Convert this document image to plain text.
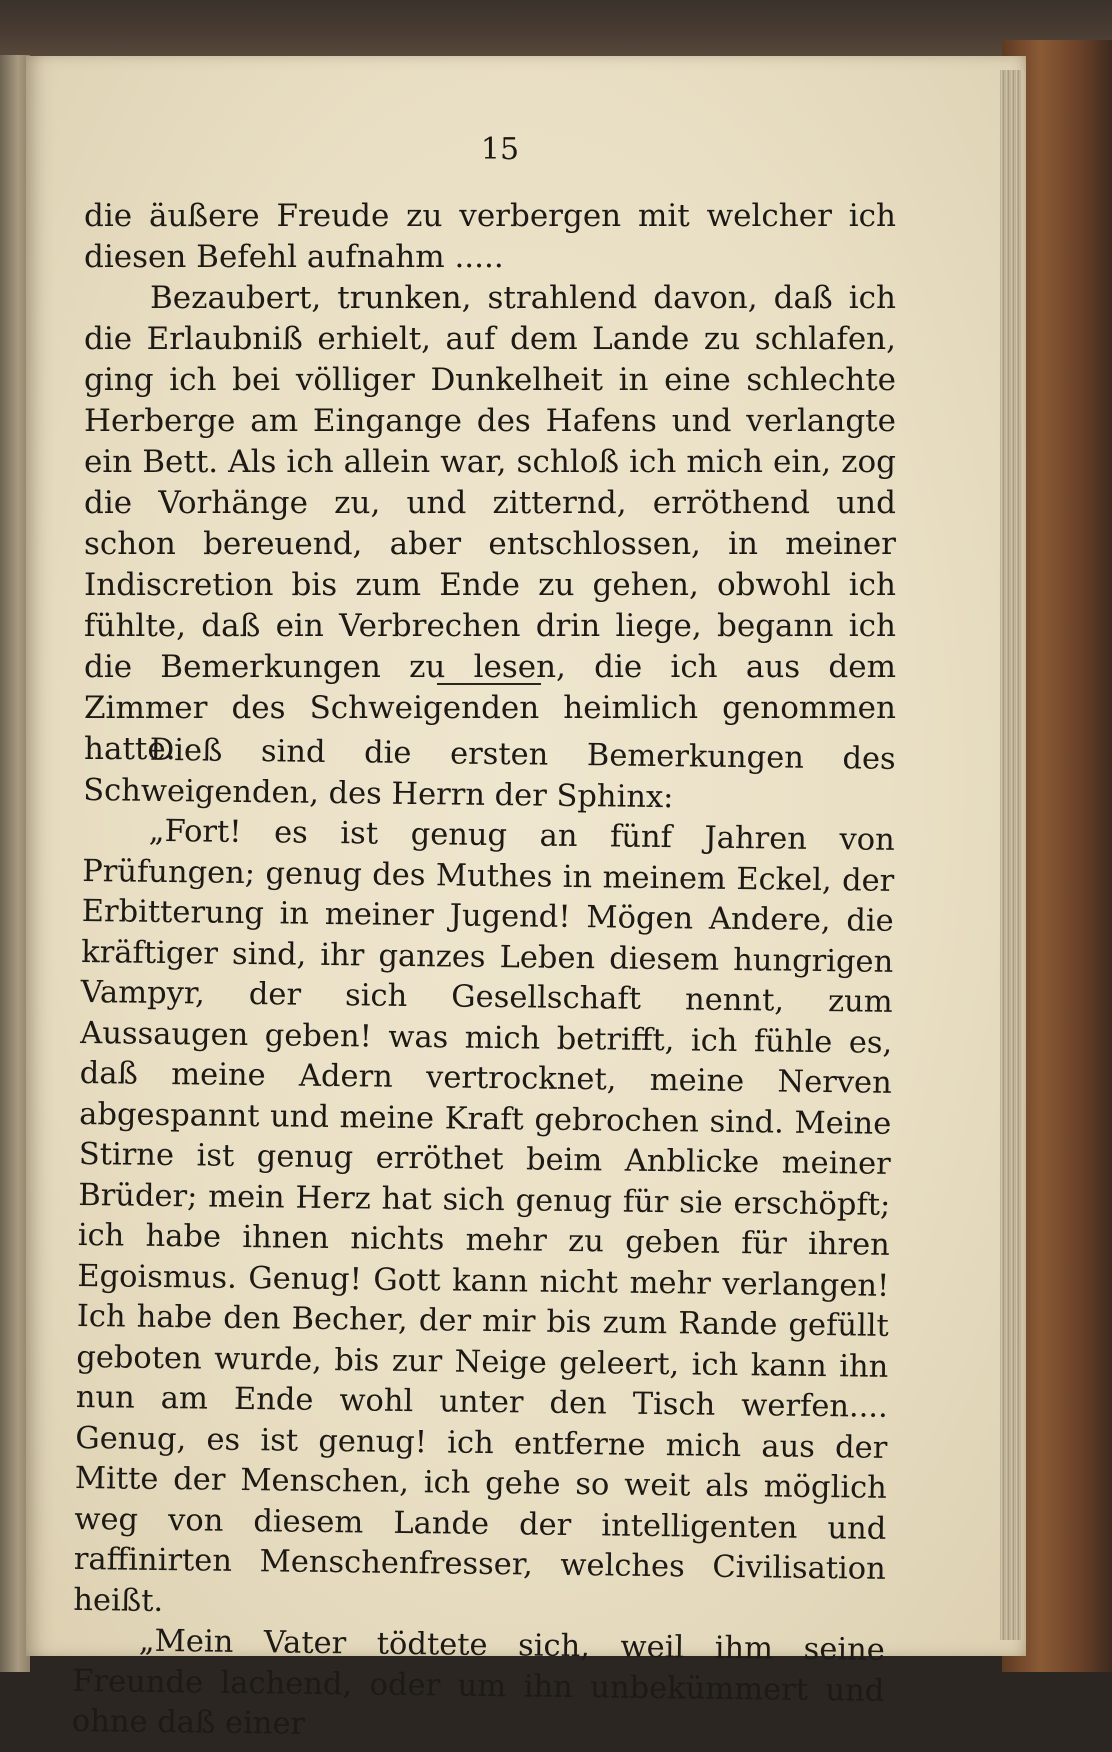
15

die äußere Freude zu verbergen mit welcher ich diesen Befehl aufnahm .....

Bezaubert, trunken, strahlend davon, daß ich die Erlaubniß erhielt, auf dem Lande zu schlafen, ging ich bei völliger Dunkelheit in eine schlechte Herberge am Eingange des Hafens und verlangte ein Bett. Als ich allein war, schloß ich mich ein, zog die Vorhänge zu, und zitternd, erröthend und schon bereuend, aber entschlossen, in meiner Indiscretion bis zum Ende zu gehen, obwohl ich fühlte, daß ein Verbrechen drin liege, begann ich die Bemerkungen zu lesen, die ich aus dem Zimmer des Schweigenden heimlich genommen hatte.

Dieß sind die ersten Bemerkungen des Schweigenden, des Herrn der Sphinx:

„Fort! es ist genug an fünf Jahren von Prüfungen; genug des Muthes in meinem Eckel, der Erbitterung in meiner Jugend! Mögen Andere, die kräftiger sind, ihr ganzes Leben diesem hungrigen Vampyr, der sich Gesellschaft nennt, zum Aussaugen geben! was mich betrifft, ich fühle es, daß meine Adern vertrocknet, meine Nerven abgespannt und meine Kraft gebrochen sind. Meine Stirne ist genug erröthet beim Anblicke meiner Brüder; mein Herz hat sich genug für sie erschöpft; ich habe ihnen nichts mehr zu geben für ihren Egoismus. Genug! Gott kann nicht mehr verlangen! Ich habe den Becher, der mir bis zum Rande gefüllt geboten wurde, bis zur Neige geleert, ich kann ihn nun am Ende wohl unter den Tisch werfen.... Genug, es ist genug! ich entferne mich aus der Mitte der Menschen, ich gehe so weit als möglich weg von diesem Lande der intelligenten und raffinirten Menschenfresser, welches Civilisation heißt.

„Mein Vater tödtete sich, weil ihm seine Freunde lachend, oder um ihn unbekümmert und ohne daß einer
